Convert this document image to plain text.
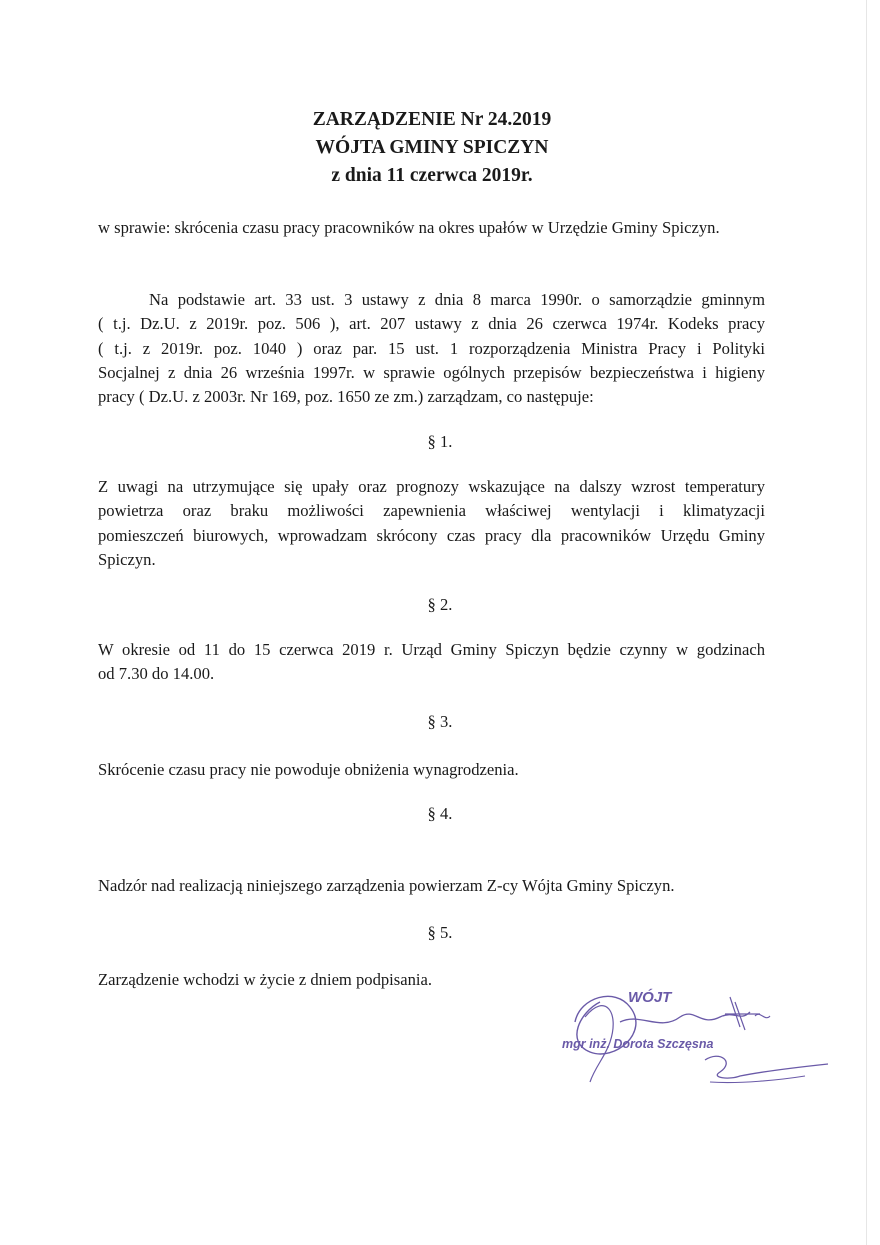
ZARZĄDZENIE Nr 24.2019
WÓJTA GMINY SPICZYN
z dnia 11 czerwca 2019r.
w sprawie: skrócenia czasu pracy pracowników na okres upałów w Urzędzie Gminy Spiczyn.
Na podstawie art. 33 ust. 3 ustawy z dnia 8 marca 1990r. o samorządzie gminnym
( t.j. Dz.U. z 2019r. poz. 506 ), art. 207 ustawy z dnia 26 czerwca 1974r. Kodeks pracy
( t.j. z 2019r. poz. 1040 ) oraz par. 15 ust. 1 rozporządzenia Ministra Pracy i Polityki
Socjalnej z dnia 26 września 1997r. w sprawie ogólnych przepisów bezpieczeństwa i higieny
pracy ( Dz.U. z 2003r. Nr 169, poz. 1650 ze zm.) zarządzam, co następuje:
§ 1.
Z uwagi na utrzymujące się upały oraz prognozy wskazujące na dalszy wzrost temperatury
powietrza oraz braku możliwości zapewnienia właściwej wentylacji i klimatyzacji
pomieszczeń biurowych, wprowadzam skrócony czas pracy dla pracowników Urzędu Gminy
Spiczyn.
§ 2.
W okresie od 11 do 15 czerwca 2019 r. Urząd Gminy Spiczyn będzie czynny w godzinach
od 7.30 do 14.00.
§ 3.
Skrócenie czasu pracy nie powoduje obniżenia wynagrodzenia.
§ 4.
Nadzór nad realizacją niniejszego zarządzenia powierzam Z-cy Wójta Gminy Spiczyn.
§ 5.
Zarządzenie wchodzi w życie z dniem podpisania.
WÓJT
mgr inż. Dorota Szczęsna
